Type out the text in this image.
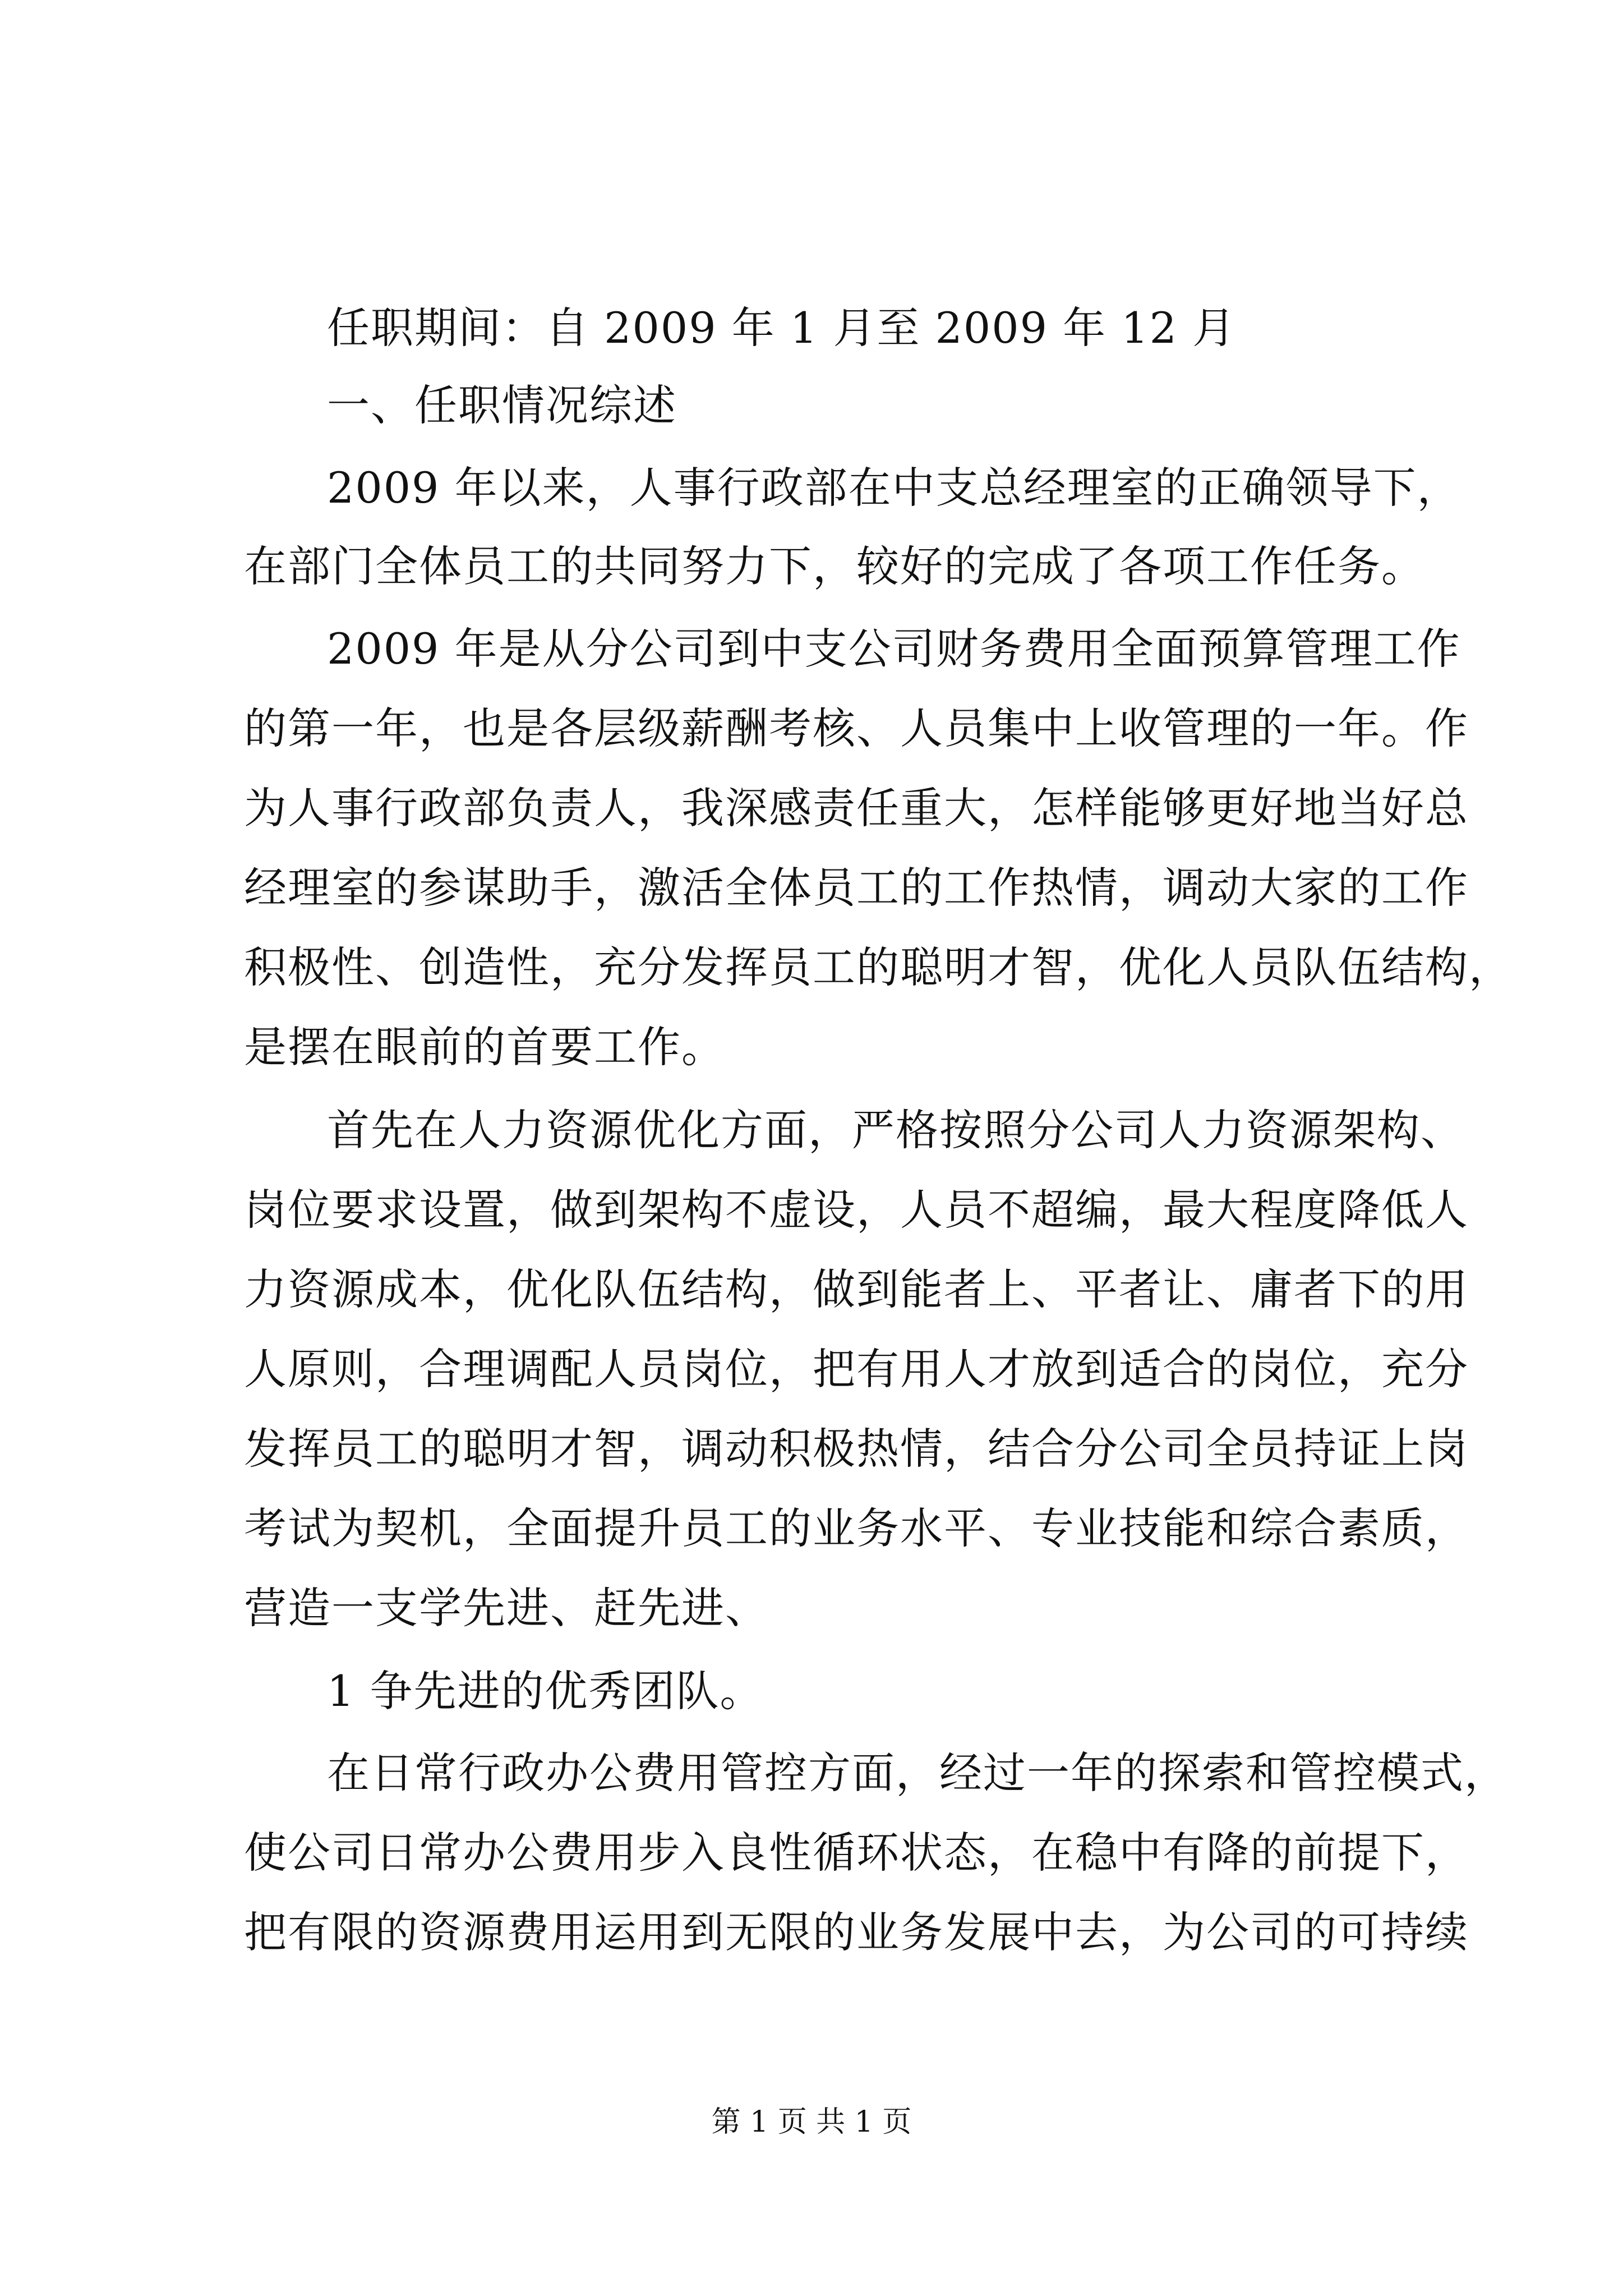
任职期间：自 2009 年 1 月至 2009 年 12 月
一、任职情况综述
2009 年以来，人事行政部在中支总经理室的正确领导下，
在部门全体员工的共同努力下，较好的完成了各项工作任务。
2009 年是从分公司到中支公司财务费用全面预算管理工作
的第一年，也是各层级薪酬考核、人员集中上收管理的一年。作
为人事行政部负责人，我深感责任重大，怎样能够更好地当好总
经理室的参谋助手，激活全体员工的工作热情，调动大家的工作
积极性、创造性，充分发挥员工的聪明才智，优化人员队伍结构，
是摆在眼前的首要工作。
首先在人力资源优化方面，严格按照分公司人力资源架构、
岗位要求设置，做到架构不虚设，人员不超编，最大程度降低人
力资源成本，优化队伍结构，做到能者上、平者让、庸者下的用
人原则，合理调配人员岗位，把有用人才放到适合的岗位，充分
发挥员工的聪明才智，调动积极热情，结合分公司全员持证上岗
考试为契机，全面提升员工的业务水平、专业技能和综合素质，
营造一支学先进、赶先进、
1 争先进的优秀团队。
在日常行政办公费用管控方面，经过一年的探索和管控模式，
使公司日常办公费用步入良性循环状态，在稳中有降的前提下，
把有限的资源费用运用到无限的业务发展中去，为公司的可持续
第 1 页 共 1 页
